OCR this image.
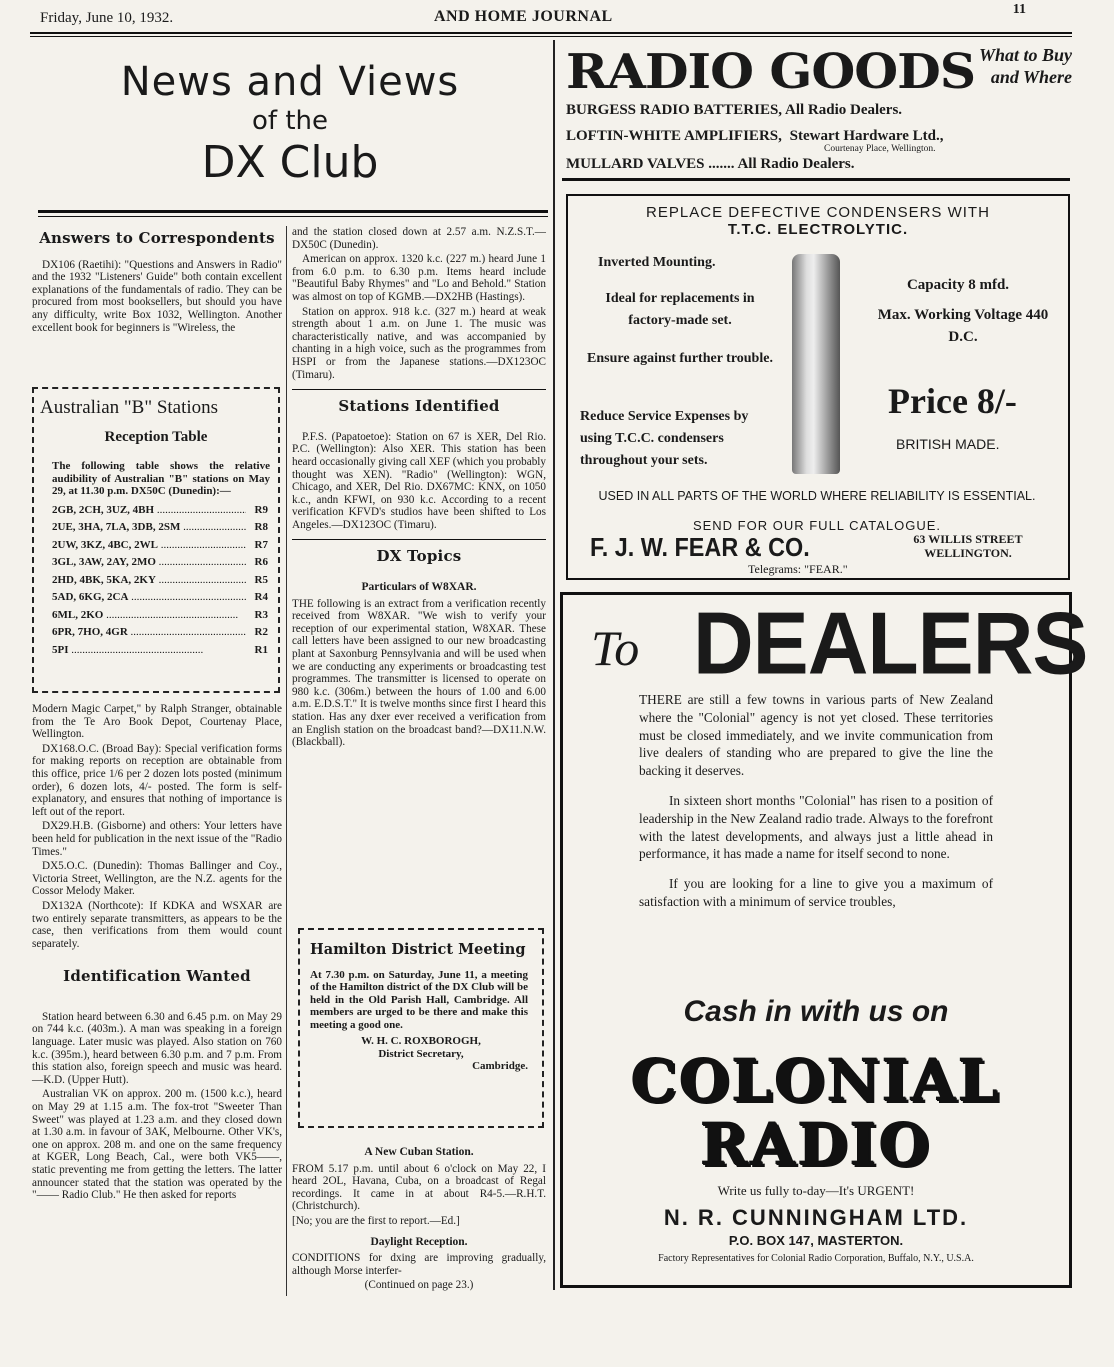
Friday, June 10, 1932.	AND HOME JOURNAL	11
News and Views
of the
DX Club
Answers to Correspondents

DX106 (Raetihi): "Questions and Answers in Radio" and the 1932 "Listeners' Guide" both contain excellent explanations of the fundamentals of radio. They can be procured from most booksellers, but should you have any difficulty, write Box 1032, Wellington. Another excellent book for beginners is "Wireless, the

Australian "B" Stations
Reception Table
The following table shows the relative audibility of Australian "B" stations on May 29, at 11.30 p.m. DX50C (Dunedin):—
2GB, 2CH, 3UZ, 4BH .....	R9
2UE, 3HA, 7LA, 3DB, 2SM .....	R8
2UW, 3KZ, 4BC, 2WL .....	R7
3GL, 3AW, 2AY, 2MO .....	R6
2HD, 4BK, 5KA, 2KY .....	R5
5AD, 6KG, 2CA .....	R4
6ML, 2KO .....	R3
6PR, 7HO, 4GR .....	R2
5PI .....	R1

Modern Magic Carpet," by Ralph Stranger, obtainable from the Te Aro Book Depot, Courtenay Place, Wellington.

DX168.O.C. (Broad Bay): Special verification forms for making reports on reception are obtainable from this office, price 1/6 per 2 dozen lots posted (minimum order), 6 dozen lots, 4/- posted. The form is self-explanatory, and ensures that nothing of importance is left out of the report.

DX29.H.B. (Gisborne) and others: Your letters have been held for publication in the next issue of the "Radio Times."

DX5.O.C. (Dunedin): Thomas Ballinger and Coy., Victoria Street, Wellington, are the N.Z. agents for the Cossor Melody Maker.

DX132A (Northcote): If KDKA and WSXAR are two entirely separate transmitters, as appears to be the case, then verifications from them would count separately.

Identification Wanted

Station heard between 6.30 and 6.45 p.m. on May 29 on 744 k.c. (403m.). A man was speaking in a foreign language. Later music was played. Also station on 760 k.c. (395m.), heard between 6.30 p.m. and 7 p.m. From this station also, foreign speech and music was heard.—K.D. (Upper Hutt).

Australian VK on approx. 200 m. (1500 k.c.), heard on May 29 at 1.15 a.m. The fox-trot "Sweeter Than Sweet" was played at 1.23 a.m. and they closed down at 1.30 a.m. in favour of 3AK, Melbourne. Other VK's, one on approx. 208 m. and one on the same frequency at KGER, Long Beach, Cal., were both VK5——, static preventing me from getting the letters. The latter announcer stated that the station was operated by the "—— Radio Club." He then asked for reports

and the station closed down at 2.57 a.m. N.Z.S.T.—DX50C (Dunedin).

American on approx. 1320 k.c. (227 m.) heard June 1 from 6.0 p.m. to 6.30 p.m. Items heard include "Beautiful Baby Rhymes" and "Lo and Behold." Station was almost on top of KGMB.—DX2HB (Hastings).

Station on approx. 918 k.c. (327 m.) heard at weak strength about 1 a.m. on June 1. The music was characteristically native, and was accompanied by chanting in a high voice, such as the programmes from HSPI or from the Japanese stations.—DX123OC (Timaru).

Stations Identified

P.F.S. (Papatoetoe): Station on 67 is XER, Del Rio. P.C. (Wellington): Also XER. This station has been heard occasionally giving call XEF (which you probably thought was XEN). "Radio" (Wellington): WGN, Chicago, and XER, Del Rio. DX67MC: KNX, on 1050 k.c., andn KFWI, on 930 k.c. According to a recent verification KFVD's studios have been shifted to Los Angeles.—DX123OC (Timaru).

DX Topics
Particulars of W8XAR.

THE following is an extract from a verification recently received from W8XAR. "We wish to verify your reception of our experimental station, W8XAR. These call letters have been assigned to our new broadcasting plant at Saxonburg Pennsylvania and will be used when we are conducting any experiments or broadcasting test programmes. The transmitter is licensed to operate on 980 k.c. (306m.) between the hours of 1.00 and 6.00 a.m. E.D.S.T." It is twelve months since first I heard this station. Has any dxer ever received a verification from an English station on the broadcast band?—DX11.N.W. (Blackball).

Hamilton District Meeting
At 7.30 p.m. on Saturday, June 11, a meeting of the Hamilton district of the DX Club will be held in the Old Parish Hall, Cambridge. All members are urged to be there and make this meeting a good one.
W. H. C. ROXBOROGH,
District Secretary,
Cambridge.
A New Cuban Station.

FROM 5.17 p.m. until about 6 o'clock on May 22, I heard 2OL, Havana, Cuba, on a broadcast of Regal recordings. It came in at about R4-5.—R.H.T. (Christchurch).

[No; you are the first to report.—Ed.]

Daylight Reception.

CONDITIONS for dxing are improving gradually, although Morse interfer-

(Continued on page 23.)

RADIO GOODS What to Buy and Where
BURGESS RADIO BATTERIES, All Radio Dealers.
LOFTIN-WHITE AMPLIFIERS, Stewart Hardware Ltd.,
Courtenay Place, Wellington.
MULLARD VALVES ....... All Radio Dealers.
REPLACE DEFECTIVE CONDENSERS WITH
T.T.C. ELECTROLYTIC.
Inverted Mounting.
Ideal for replacements in factory-made set.
Ensure against further trouble.
Reduce Service Expenses by using T.C.C. condensers throughout your sets.
Capacity 8 mfd.
Max. Working Voltage 440 D.C.
Price 8/-
BRITISH MADE.
USED IN ALL PARTS OF THE WORLD WHERE RELIABILITY IS ESSENTIAL.
SEND FOR OUR FULL CATALOGUE.
F. J. W. FEAR & CO.	63 WILLIS STREET
WELLINGTON.
Telegrams: "FEAR."
To DEALERS

THERE are still a few towns in various parts of New Zealand where the "Colonial" agency is not yet closed. These territories must be closed immediately, and we invite communication from live dealers of standing who are prepared to give the line the backing it deserves.

In sixteen short months "Colonial" has risen to a position of leadership in the New Zealand radio trade. Always to the forefront with the latest developments, and always just a little ahead in performance, it has made a name for itself second to none.

If you are looking for a line to give you a maximum of satisfaction with a minimum of service troubles,

Cash in with us on
COLONIAL
RADIO
Write us fully to-day—It's URGENT!
N. R. CUNNINGHAM LTD.
P.O. BOX 147, MASTERTON.
Factory Representatives for Colonial Radio Corporation, Buffalo, N.Y., U.S.A.
